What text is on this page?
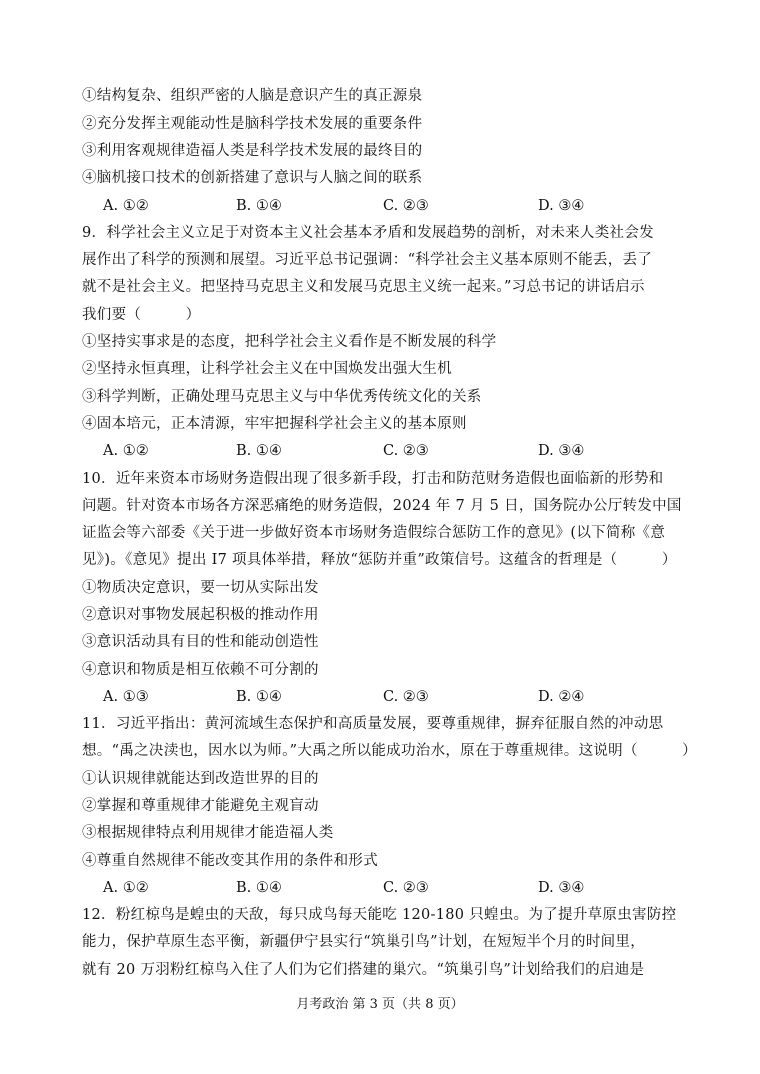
①结构复杂、组织严密的人脑是意识产生的真正源泉
②充分发挥主观能动性是脑科学技术发展的重要条件
③利用客观规律造福人类是科学技术发展的最终目的
④脑机接口技术的创新搭建了意识与人脑之间的联系
A. ①②	B. ①④	C. ②③	D. ③④
9．科学社会主义立足于对资本主义社会基本矛盾和发展趋势的剖析，对未来人类社会发
展作出了科学的预测和展望。习近平总书记强调：“科学社会主义基本原则不能丢，丢了
就不是社会主义。把坚持马克思主义和发展马克思主义统一起来。”习总书记的讲话启示
我们要（　　　）
①坚持实事求是的态度，把科学社会主义看作是不断发展的科学
②坚持永恒真理，让科学社会主义在中国焕发出强大生机
③科学判断，正确处理马克思主义与中华优秀传统文化的关系
④固本培元，正本清源，牢牢把握科学社会主义的基本原则
A. ①②	B. ①④	C. ②③	D. ③④
10．近年来资本市场财务造假出现了很多新手段，打击和防范财务造假也面临新的形势和
问题。针对资本市场各方深恶痛绝的财务造假，2024 年 7 月 5 日，国务院办公厅转发中国
证监会等六部委《关于进一步做好资本市场财务造假综合惩防工作的意见》(以下简称《意
见》)。《意见》提出 I7 项具体举措，释放“惩防并重”政策信号。这蕴含的哲理是（　　　）
①物质决定意识，要一切从实际出发
②意识对事物发展起积极的推动作用
③意识活动具有目的性和能动创造性
④意识和物质是相互依赖不可分割的
A. ①③	B. ①④	C. ②③	D. ②④
11．习近平指出：黄河流域生态保护和高质量发展，要尊重规律，摒弃征服自然的冲动思
想。“禹之决渎也，因水以为师。”大禹之所以能成功治水，原在于尊重规律。这说明（　　　）
①认识规律就能达到改造世界的目的
②掌握和尊重规律才能避免主观盲动
③根据规律特点利用规律才能造福人类
④尊重自然规律不能改变其作用的条件和形式
A. ①②	B. ①④	C. ②③	D. ③④
12．粉红椋鸟是蝗虫的天敌，每只成鸟每天能吃 120-180 只蝗虫。为了提升草原虫害防控
能力，保护草原生态平衡，新疆伊宁县实行“筑巢引鸟”计划，在短短半个月的时间里，
就有 20 万羽粉红椋鸟入住了人们为它们搭建的巢穴。“筑巢引鸟”计划给我们的启迪是
月考政治 第 3 页（共 8 页）
